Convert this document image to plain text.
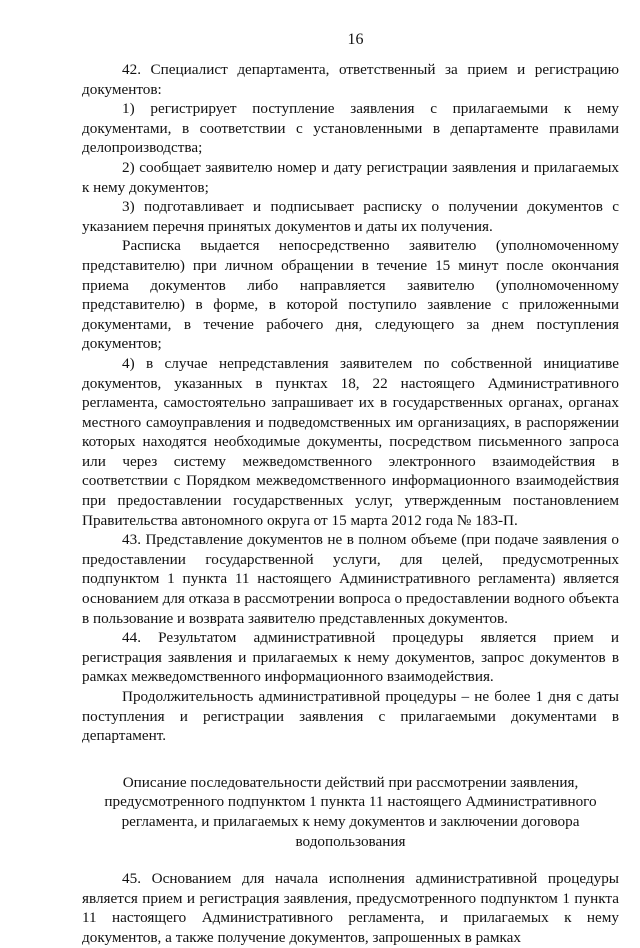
16

42. Специалист департамента, ответственный за прием и регистрацию документов:

1) регистрирует поступление заявления с прилагаемыми к нему документами, в соответствии с установленными в департаменте правилами делопроизводства;

2) сообщает заявителю номер и дату регистрации заявления и прилагаемых к нему документов;

3) подготавливает и подписывает расписку о получении документов с указанием перечня принятых документов и даты их получения.

Расписка выдается непосредственно заявителю (уполномоченному представителю) при личном обращении в течение 15 минут после окончания приема документов либо направляется заявителю (уполномоченному представителю) в форме, в которой поступило заявление с приложенными документами, в течение рабочего дня, следующего за днем поступления документов;

4) в случае непредставления заявителем по собственной инициативе документов, указанных в пунктах 18, 22 настоящего Административного регламента, самостоятельно запрашивает их в государственных органах, органах местного самоуправления и подведомственных им организациях, в распоряжении которых находятся необходимые документы, посредством письменного запроса или через систему межведомственного электронного взаимодействия в соответствии с Порядком межведомственного информационного взаимодействия при предоставлении государственных услуг, утвержденным постановлением Правительства автономного округа от 15 марта 2012 года № 183-П.

43. Представление документов не в полном объеме (при подаче заявления о предоставлении государственной услуги, для целей, предусмотренных подпунктом 1 пункта 11 настоящего Административного регламента) является основанием для отказа в рассмотрении вопроса о предоставлении водного объекта в пользование и возврата заявителю представленных документов.

44. Результатом административной процедуры является прием и регистрация заявления и прилагаемых к нему документов, запрос документов в рамках межведомственного информационного взаимодействия.

Продолжительность административной процедуры – не более 1 дня с даты поступления и регистрации заявления с прилагаемыми документами в департамент.

Описание последовательности действий при рассмотрении заявления, предусмотренного подпунктом 1 пункта 11 настоящего Административного регламента, и прилагаемых к нему документов и заключении договора водопользования

45. Основанием для начала исполнения административной процедуры является прием и регистрация заявления, предусмотренного подпунктом 1 пункта 11 настоящего Административного регламента, и прилагаемых к нему документов, а также получение документов, запрошенных в рамках
